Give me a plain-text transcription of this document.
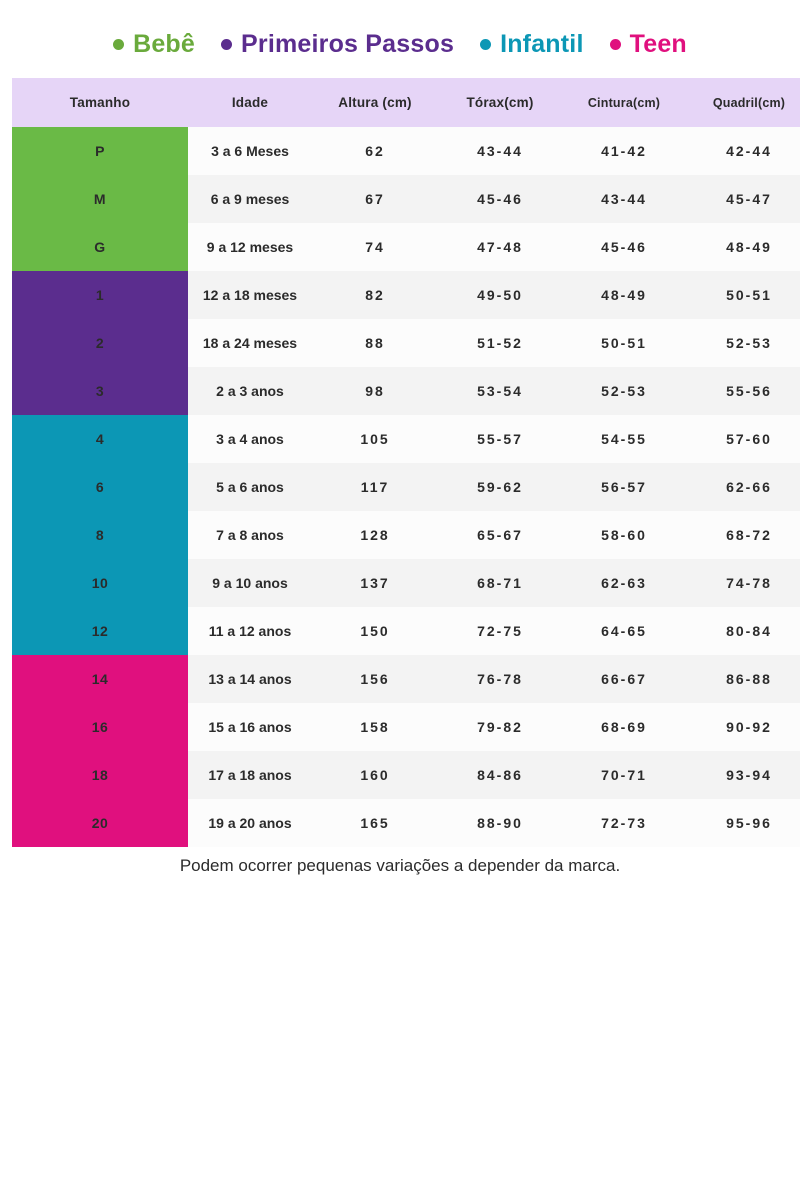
Bebê Primeiros Passos Infantil Teen
Tamanho	Idade	Altura (cm)	Tórax(cm)	Cintura(cm)	Quadril(cm)
P	3 a 6 Meses	62	43-44	41-42	42-44
M	6 a 9 meses	67	45-46	43-44	45-47
G	9 a 12 meses	74	47-48	45-46	48-49
1	12 a 18 meses	82	49-50	48-49	50-51
2	18 a 24 meses	88	51-52	50-51	52-53
3	2 a 3 anos	98	53-54	52-53	55-56
4	3 a 4 anos	105	55-57	54-55	57-60
6	5 a 6 anos	117	59-62	56-57	62-66
8	7 a 8 anos	128	65-67	58-60	68-72
10	9 a 10 anos	137	68-71	62-63	74-78
12	11 a 12 anos	150	72-75	64-65	80-84
14	13 a 14 anos	156	76-78	66-67	86-88
16	15 a 16 anos	158	79-82	68-69	90-92
18	17 a 18 anos	160	84-86	70-71	93-94
20	19 a 20 anos	165	88-90	72-73	95-96
Podem ocorrer pequenas variações a depender da marca.
